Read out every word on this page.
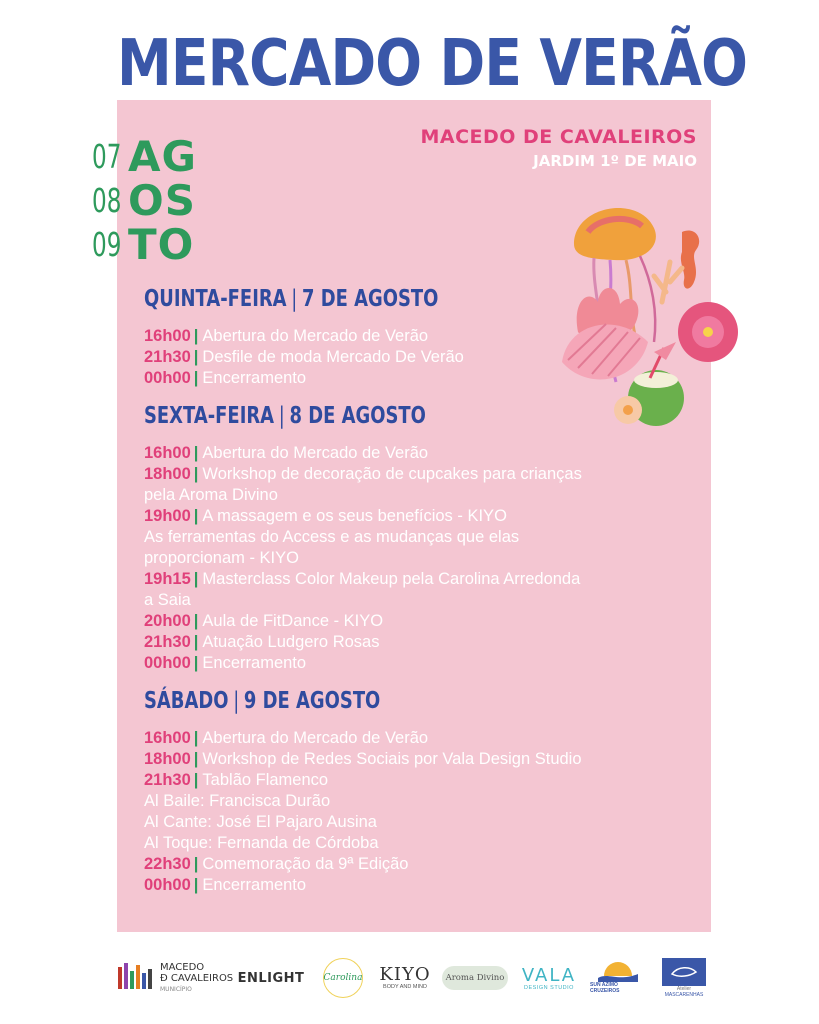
MERCADO DE VERÃO
MACEDO DE CAVALEIROS
JARDIM 1º DE MAIO
07 AG
08 OS
09 TO
QUINTA-FEIRA | 7 DE AGOSTO
16h00 | Abertura do Mercado de Verão
21h30 | Desfile de moda Mercado De Verão
00h00 | Encerramento
SEXTA-FEIRA | 8 DE AGOSTO
16h00 | Abertura do Mercado de Verão
18h00 | Workshop de decoração de cupcakes para crianças
pela Aroma Divino
19h00 | A massagem e os seus benefícios - KIYO
As ferramentas do Access e as mudanças que elas
proporcionam - KIYO
19h15 | Masterclass Color Makeup pela Carolina Arredonda
a Saia
20h00 | Aula de FitDance - KIYO
21h30 | Atuação Ludgero Rosas
00h00 | Encerramento
SÁBADO | 9 DE AGOSTO
16h00 | Abertura do Mercado de Verão
18h00 | Workshop de Redes Sociais por Vala Design Studio
21h30 | Tablão Flamenco
Al Baile: Francisca Durão
Al Cante: José El Pajaro Ausina
Al Toque: Fernanda de Córdoba
22h30 | Comemoração da 9ª Edição
00h00 | Encerramento
MACEDO
Ð CAVALEIROS
MUNICÍPIO
ENLIGHT Carolina KIYO
BODY AND MIND
Aroma Divino VALA
DESIGN STUDIO	SUN AZIMO CRUZEIROS	Atelier
MASCARENHAS
